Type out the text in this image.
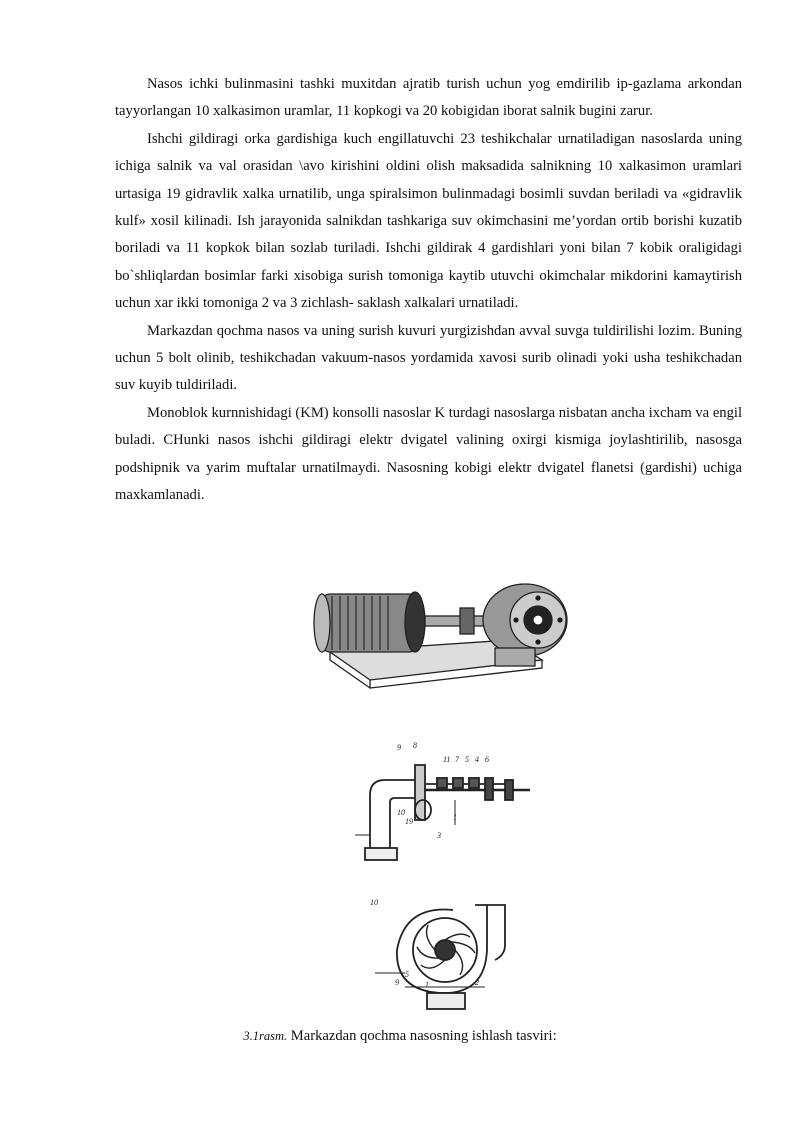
Nasos ichki bulinmasini tashki muxitdan ajratib turish uchun yog emdirilib ip-gazlama arkondan tayyorlangan 10 xalkasimon uramlar, 11 kopkogi va 20 kobigidan iborat salnik bugini zarur.

Ishchi gildiragi orka gardishiga kuch engillatuvchi 23 teshikchalar urnatiladigan nasoslarda uning ichiga salnik va val orasidan \avo kirishini oldini olish maksadida salnikning 10 xalkasimon uramlari urtasiga 19 gidravlik xalka urnatilib, unga spiralsimon bulinmadagi bosimli suvdan beriladi va «gidravlik kulf» xosil kilinadi. Ish jarayonida salnikdan tashkariga suv okimchasini me’yordan ortib borishi kuzatib boriladi va 11 kopkok bilan sozlab turiladi. Ishchi gildirak 4 gardishlari yoni bilan 7 kobik oraligidagi bo`shliqlardan bosimlar farki xisobiga surish tomoniga kaytib utuvchi okimchalar mikdorini kamaytirish uchun xar ikki tomoniga 2 va 3 zichlash- saklash xalkalari urnatiladi.

Markazdan qochma nasos va uning surish kuvuri yurgizishdan avval suvga tuldirilishi lozim. Buning uchun 5 bolt olinib, teshikchadan vakuum-nasos yordamida xavosi surib olinadi yoki usha teshikchadan suv kuyib tuldiriladi.

Monoblok kurnnishidagi (KM) konsolli nasoslar K turdagi nasoslarga nisbatan ancha ixcham va engil buladi. CHunki nasos ishchi gildiragi elektr dvigatel valining oxirgi kismiga joylashtirilib, nasosga podshipnik va yarim muftalar urnatilmaydi. Nasosning kobigi elektr dvigatel flanetsi (gardishi) uchiga maxkamlanadi.

9 8
11 7 5 4 6
10
19	1
3
10
5
9	1	2
3.1rasm. Markazdan qochma nasosning ishlash tasviri:
